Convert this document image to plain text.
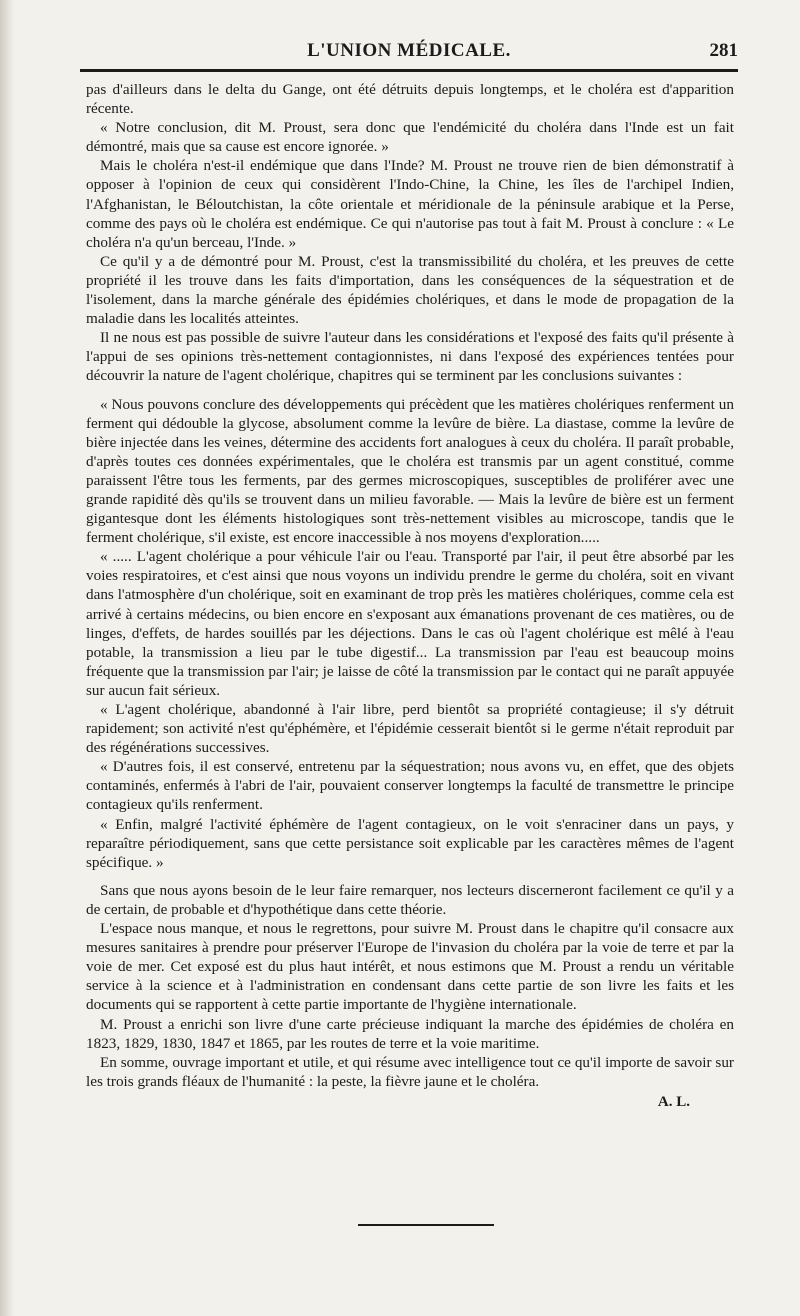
L'UNION MÉDICALE.	281

pas d'ailleurs dans le delta du Gange, ont été détruits depuis longtemps, et le choléra est d'apparition récente.

« Notre conclusion, dit M. Proust, sera donc que l'endémicité du choléra dans l'Inde est un fait démontré, mais que sa cause est encore ignorée. »

Mais le choléra n'est-il endémique que dans l'Inde? M. Proust ne trouve rien de bien démonstratif à opposer à l'opinion de ceux qui considèrent l'Indo-Chine, la Chine, les îles de l'archipel Indien, l'Afghanistan, le Béloutchistan, la côte orientale et méridionale de la péninsule arabique et la Perse, comme des pays où le choléra est endémique. Ce qui n'autorise pas tout à fait M. Proust à conclure : « Le choléra n'a qu'un berceau, l'Inde. »

Ce qu'il y a de démontré pour M. Proust, c'est la transmissibilité du choléra, et les preuves de cette propriété il les trouve dans les faits d'importation, dans les conséquences de la séquestration et de l'isolement, dans la marche générale des épidémies cholériques, et dans le mode de propagation de la maladie dans les localités atteintes.

Il ne nous est pas possible de suivre l'auteur dans les considérations et l'exposé des faits qu'il présente à l'appui de ses opinions très-nettement contagionnistes, ni dans l'exposé des expériences tentées pour découvrir la nature de l'agent cholérique, chapitres qui se terminent par les conclusions suivantes :

« Nous pouvons conclure des développements qui précèdent que les matières cholériques renferment un ferment qui dédouble la glycose, absolument comme la levûre de bière. La diastase, comme la levûre de bière injectée dans les veines, détermine des accidents fort analogues à ceux du choléra. Il paraît probable, d'après toutes ces données expérimentales, que le choléra est transmis par un agent constitué, comme paraissent l'être tous les ferments, par des germes microscopiques, susceptibles de proliférer avec une grande rapidité dès qu'ils se trouvent dans un milieu favorable. — Mais la levûre de bière est un ferment gigantesque dont les éléments histologiques sont très-nettement visibles au microscope, tandis que le ferment cholérique, s'il existe, est encore inaccessible à nos moyens d'exploration.....

« ..... L'agent cholérique a pour véhicule l'air ou l'eau. Transporté par l'air, il peut être absorbé par les voies respiratoires, et c'est ainsi que nous voyons un individu prendre le germe du choléra, soit en vivant dans l'atmosphère d'un cholérique, soit en examinant de trop près les matières cholériques, comme cela est arrivé à certains médecins, ou bien encore en s'exposant aux émanations provenant de ces matières, ou de linges, d'effets, de hardes souillés par les déjections. Dans le cas où l'agent cholérique est mêlé à l'eau potable, la transmission a lieu par le tube digestif... La transmission par l'eau est beaucoup moins fréquente que la transmission par l'air; je laisse de côté la transmission par le contact qui ne paraît appuyée sur aucun fait sérieux.

« L'agent cholérique, abandonné à l'air libre, perd bientôt sa propriété contagieuse; il s'y détruit rapidement; son activité n'est qu'éphémère, et l'épidémie cesserait bientôt si le germe n'était reproduit par des régénérations successives.

« D'autres fois, il est conservé, entretenu par la séquestration; nous avons vu, en effet, que des objets contaminés, enfermés à l'abri de l'air, pouvaient conserver longtemps la faculté de transmettre le principe contagieux qu'ils renferment.

« Enfin, malgré l'activité éphémère de l'agent contagieux, on le voit s'enraciner dans un pays, y reparaître périodiquement, sans que cette persistance soit explicable par les caractères mêmes de l'agent spécifique. »

Sans que nous ayons besoin de le leur faire remarquer, nos lecteurs discerneront facilement ce qu'il y a de certain, de probable et d'hypothétique dans cette théorie.

L'espace nous manque, et nous le regrettons, pour suivre M. Proust dans le chapitre qu'il consacre aux mesures sanitaires à prendre pour préserver l'Europe de l'invasion du choléra par la voie de terre et par la voie de mer. Cet exposé est du plus haut intérêt, et nous estimons que M. Proust a rendu un véritable service à la science et à l'administration en condensant dans cette partie de son livre les faits et les documents qui se rapportent à cette partie importante de l'hygiène internationale.

M. Proust a enrichi son livre d'une carte précieuse indiquant la marche des épidémies de choléra en 1823, 1829, 1830, 1847 et 1865, par les routes de terre et la voie maritime.

En somme, ouvrage important et utile, et qui résume avec intelligence tout ce qu'il importe de savoir sur les trois grands fléaux de l'humanité : la peste, la fièvre jaune et le choléra.

A. L.
